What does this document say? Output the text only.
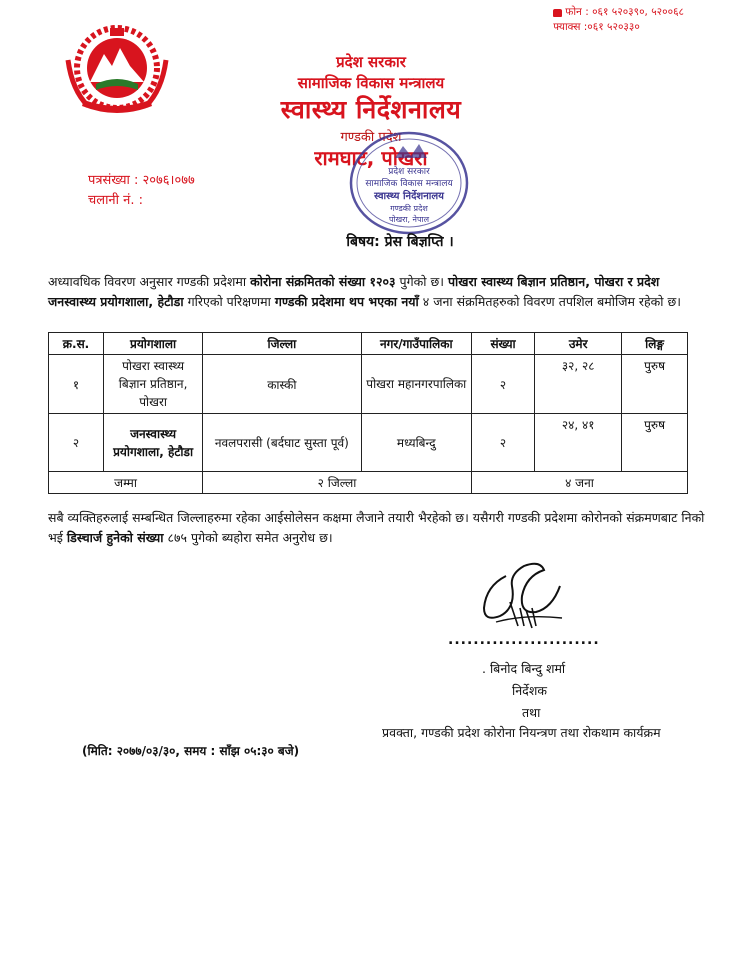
फोन : ०६१ ५२०३९०, ५२००६८
फ्याक्स :०६१ ५२०३३०
प्रदेश सरकार
सामाजिक विकास मन्त्रालय
स्वास्थ्य निर्देशनालय
गण्डकी प्रदेश
रामघाट, पोखरा
प्रदेश सरकार
सामाजिक विकास मन्त्रालय
स्वास्थ्य निर्देशनालय
गण्डकी प्रदेश
पोखरा, नेपाल
पत्रसंख्या : २०७६।०७७
चलानी नं. :
बिषय: प्रेस बिज्ञप्ति ।
अध्यावधिक विवरण अनुसार गण्डकी प्रदेशमा कोरोना संक्रमितको संख्या १२०३ पुगेको छ। पोखरा स्वास्थ्य बिज्ञान प्रतिष्ठान, पोखरा र प्रदेश जनस्वास्थ्य प्रयोगशाला, हेटौडा गरिएको परिक्षणमा गण्डकी प्रदेशमा थप भएका नयाँ ४ जना संक्रमितहरुको विवरण तपशिल बमोजिम रहेको छ।
क्र.स.	प्रयोगशाला	जिल्ला	नगर/गाउँपालिका	संख्या	उमेर	लिङ्ग
१	पोखरा स्वास्थ्य बिज्ञान प्रतिष्ठान, पोखरा	कास्की	पोखरा महानगरपालिका	२	३२, २८	पुरुष
२	जनस्वास्थ्य प्रयोगशाला, हेटौडा	नवलपरासी (बर्दघाट सुस्ता पूर्व)	मध्यबिन्दु	२	२४, ४१	पुरुष
जम्मा		२ जिल्ला		४ जना		
सबै व्यक्तिहरुलाई सम्बन्धित जिल्लाहरुमा रहेका आईसोलेसन कक्षमा लैजाने तयारी भैरहेको छ। यसैगरी गण्डकी प्रदेशमा कोरोनको संक्रमणबाट निको भई डिस्चार्ज हुनेको संख्या ८७५ पुगेको ब्यहोरा समेत अनुरोध छ।
........................
. बिनोद बिन्दु शर्मा
निर्देशक
तथा
प्रवक्ता, गण्डकी प्रदेश कोरोना नियन्त्रण तथा रोकथाम कार्यक्रम
(मिति: २०७७/०३/३०, समय : साँझ ०५:३० बजे)
